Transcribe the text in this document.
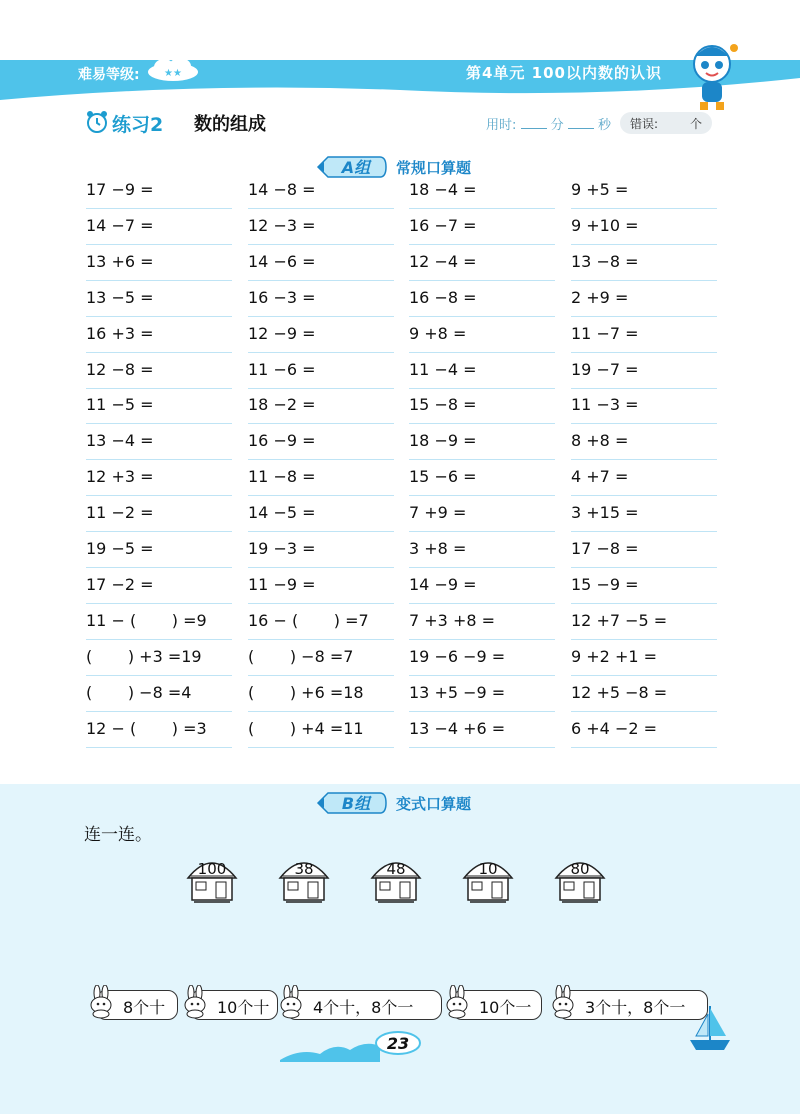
难易等级: ★★	第4单元 100以内数的认识
练习2 数的组成	用时:	分	秒 错误:	个
A组 常规口算题
17 −9 =	14 −8 =	18 −4 =	9 +5 =
14 −7 =	12 −3 =	16 −7 =	9 +10 =
13 +6 =	14 −6 =	12 −4 =	13 −8 =
13 −5 =	16 −3 =	16 −8 =	2 +9 =
16 +3 =	12 −9 =	9 +8 =	11 −7 =
12 −8 =	11 −6 =	11 −4 =	19 −7 =
11 −5 =	18 −2 =	15 −8 =	11 −3 =
13 −4 =	16 −9 =	18 −9 =	8 +8 =
12 +3 =	11 −8 =	15 −6 =	4 +7 =
11 −2 =	14 −5 =	7 +9 =	3 +15 =
19 −5 =	19 −3 =	3 +8 =	17 −8 =
17 −2 =	11 −9 =	14 −9 =	15 −9 =
11 − (       ) =9	16 − (       ) =7	7 +3 +8 =	12 +7 −5 =
(       ) +3 =19	(       ) −8 =7	19 −6 −9 =	9 +2 +1 =
(       ) −8 =4	(       ) +6 =18	13 +5 −9 =	12 +5 −8 =
12 − (       ) =3	(       ) +4 =11	13 −4 +6 =	6 +4 −2 =
B组 变式口算题
连一连。
100	38	48	10	80
8个十	10个十	4个十，8个一	10个一	3个十，8个一
23
